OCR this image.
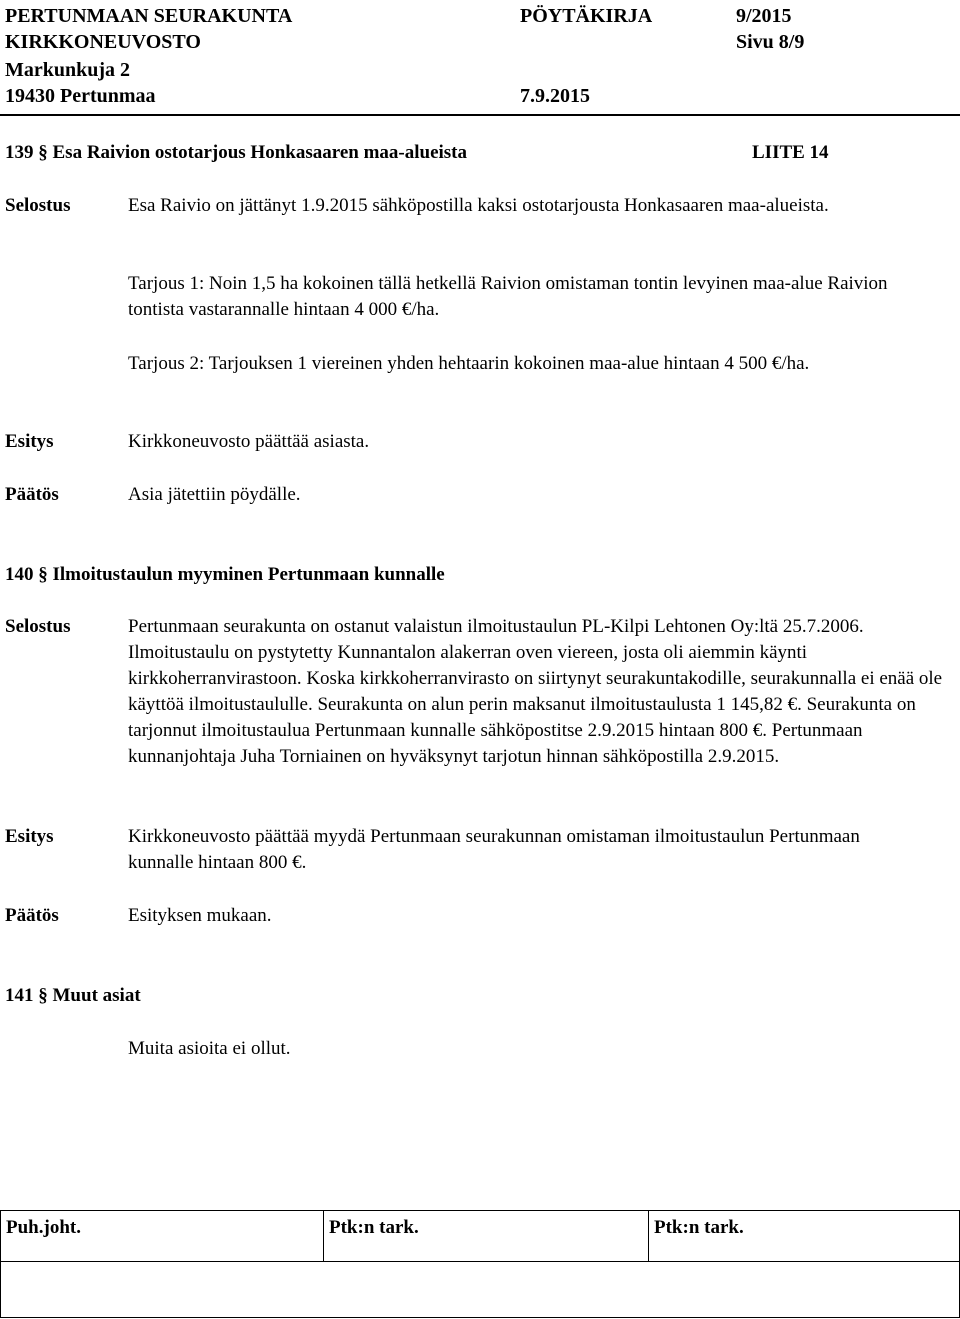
PERTUNMAAN SEURAKUNTA	PÖYTÄKIRJA	9/2015
KIRKKONEUVOSTO	Sivu 8/9
Markunkuja 2
19430 Pertunmaa	7.9.2015
139 § Esa Raivion ostotarjous Honkasaaren maa-alueista	LIITE 14
Selostus	Esa Raivio on jättänyt 1.9.2015 sähköpostilla kaksi ostotarjousta Honkasaaren maa-alueista.
Tarjous 1: Noin 1,5 ha kokoinen tällä hetkellä Raivion omistaman tontin levyinen maa-alue Raivion tontista vastarannalle hintaan 4 000 €/ha.
Tarjous 2: Tarjouksen 1 viereinen yhden hehtaarin kokoinen maa-alue hintaan 4 500 €/ha.
Esitys	Kirkkoneuvosto päättää asiasta.
Päätös	Asia jätettiin pöydälle.
140 § Ilmoitustaulun myyminen Pertunmaan kunnalle
Selostus	Pertunmaan seurakunta on ostanut valaistun ilmoitustaulun PL-Kilpi Lehtonen Oy:ltä 25.7.2006. Ilmoitustaulu on pystytetty Kunnantalon alakerran oven viereen, josta oli aiemmin käynti kirkkoherranvirastoon. Koska kirkkoherranvirasto on siirtynyt seurakuntakodille, seurakunnalla ei enää ole käyttöä ilmoitustaululle. Seurakunta on alun perin maksanut ilmoitustaulusta 1 145,82 €. Seurakunta on tarjonnut ilmoitustaulua Pertunmaan kunnalle sähköpostitse 2.9.2015 hintaan 800 €. Pertunmaan kunnanjohtaja Juha Torniainen on hyväksynyt tarjotun hinnan sähköpostilla 2.9.2015.
Esitys	Kirkkoneuvosto päättää myydä Pertunmaan seurakunnan omistaman ilmoitustaulun Pertunmaan kunnalle hintaan 800 €.
Päätös	Esityksen mukaan.
141 § Muut asiat
Muita asioita ei ollut.
Puh.joht.	Ptk:n tark.	Ptk:n tark.
